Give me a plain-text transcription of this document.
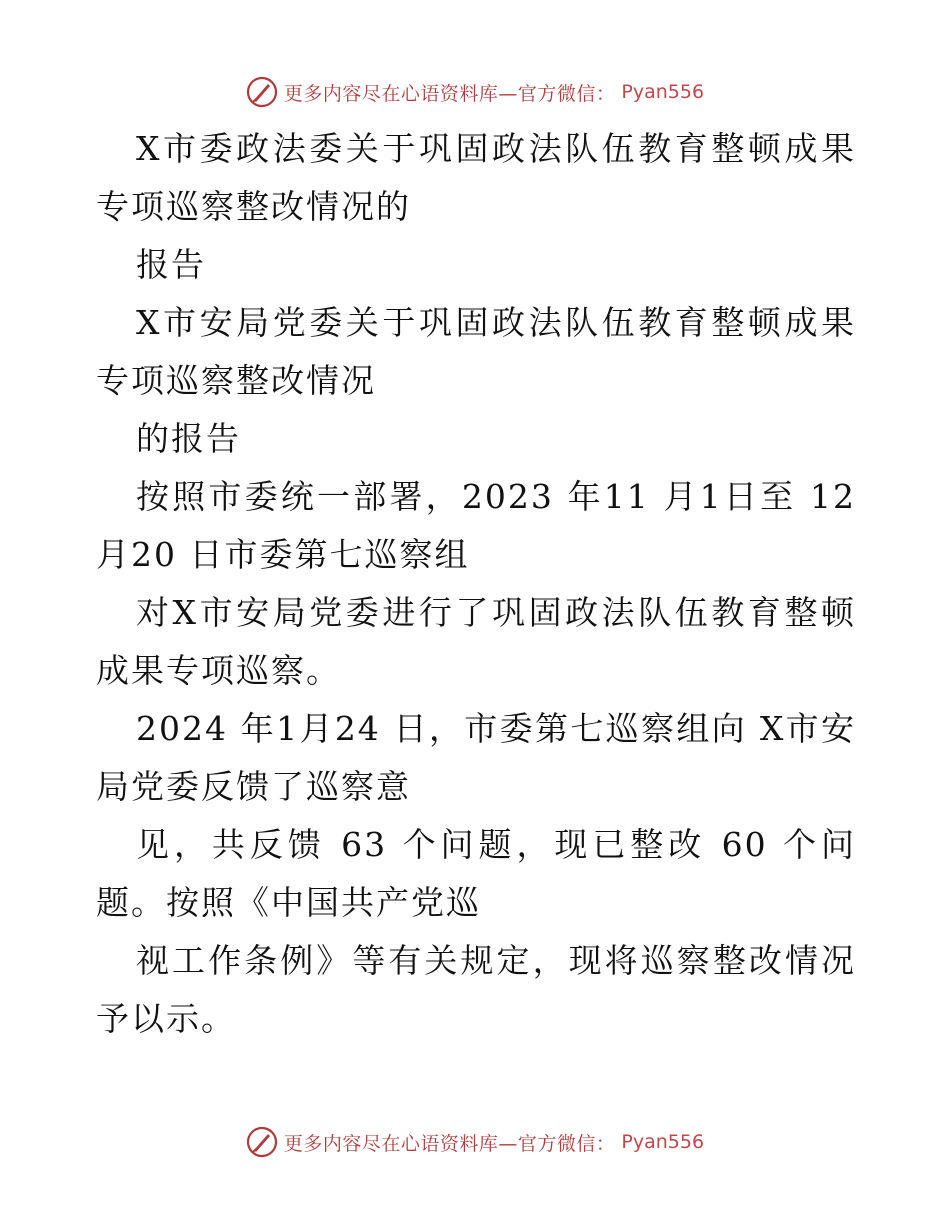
更多内容尽在心语资料库—官方微信： Pyan556

X市委政法委关于巩固政法队伍教育整顿成果专项巡察整改情况的

报告

X市安局党委关于巩固政法队伍教育整顿成果专项巡察整改情况

的报告

按照市委统一部署，2023 年11 月1日至 12 月20 日市委第七巡察组

对X市安局党委进行了巩固政法队伍教育整顿成果专项巡察。

2024 年1月24 日，市委第七巡察组向 X市安局党委反馈了巡察意

见，共反馈 63 个问题，现已整改 60 个问题。按照《中国共产党巡

视工作条例》等有关规定，现将巡察整改情况予以示。

更多内容尽在心语资料库—官方微信： Pyan556
